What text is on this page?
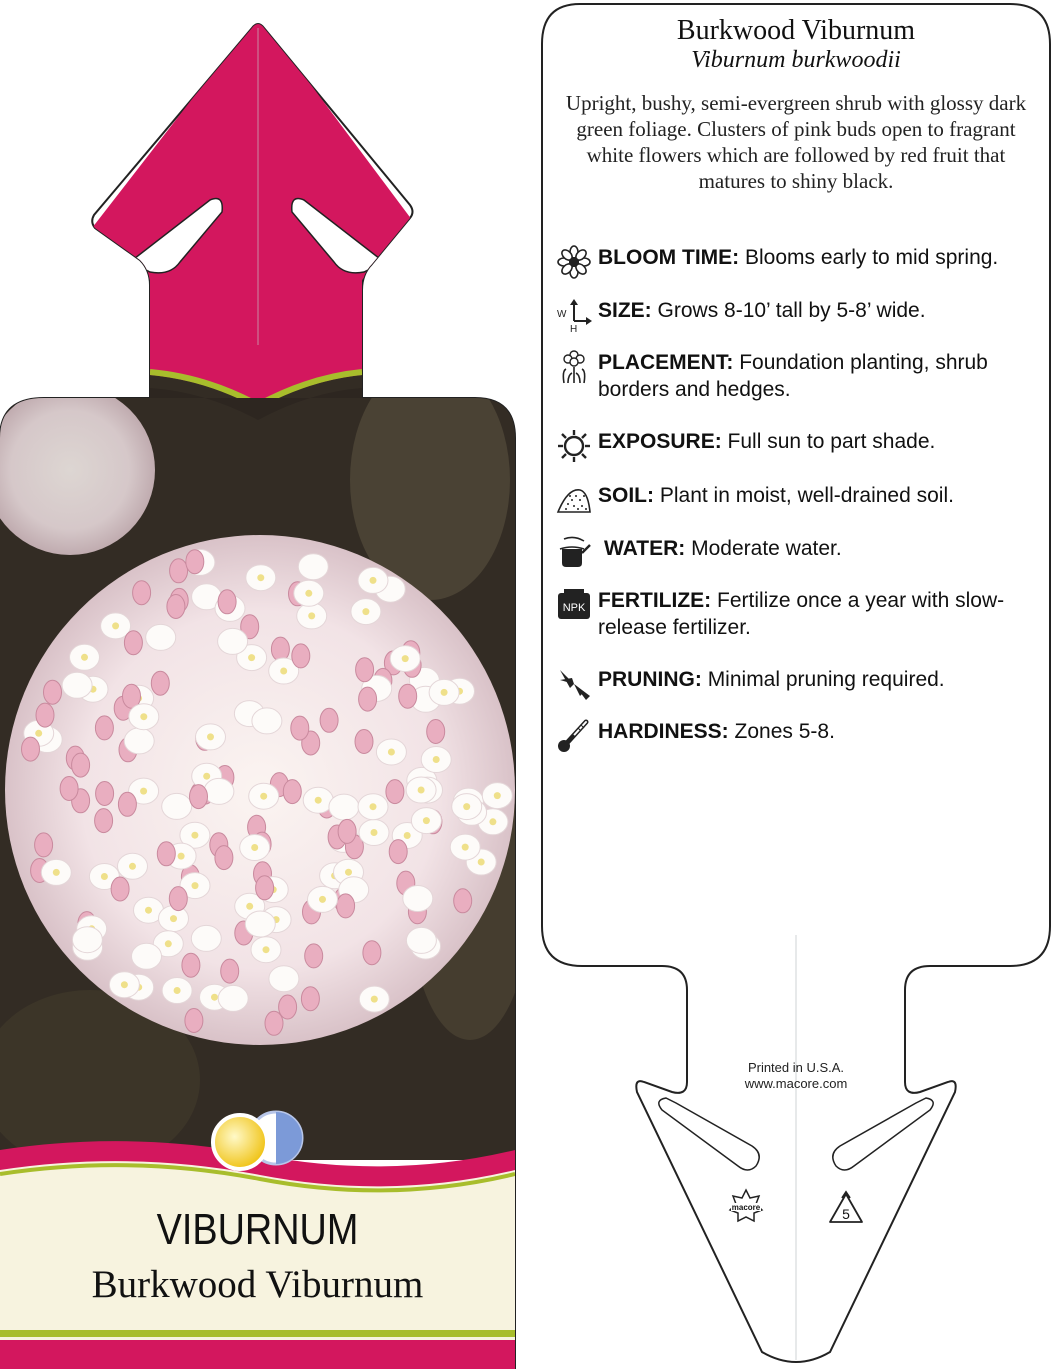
VIBURNUM
Burkwood Viburnum
macore	5
Burkwood Viburnum
Viburnum burkwoodii
Upright, bushy, semi-evergreen shrub with glossy dark green foliage. Clusters of pink buds open to fragrant white flowers which are followed by red fruit that matures to shiny black.
BLOOM TIME: Blooms early to mid spring.
W
H
SIZE: Grows 8-10’ tall by 5-8’ wide.
PLACEMENT: Foundation planting, shrub borders and hedges.
EXPOSURE: Full sun to part shade.
SOIL: Plant in moist, well-drained soil.
WATER: Moderate water.
NPK FERTILIZE: Fertilize once a year with slow-release fertilizer.
PRUNING: Minimal pruning required.
HARDINESS: Zones 5-8.
Printed in U.S.A.
www.macore.com
